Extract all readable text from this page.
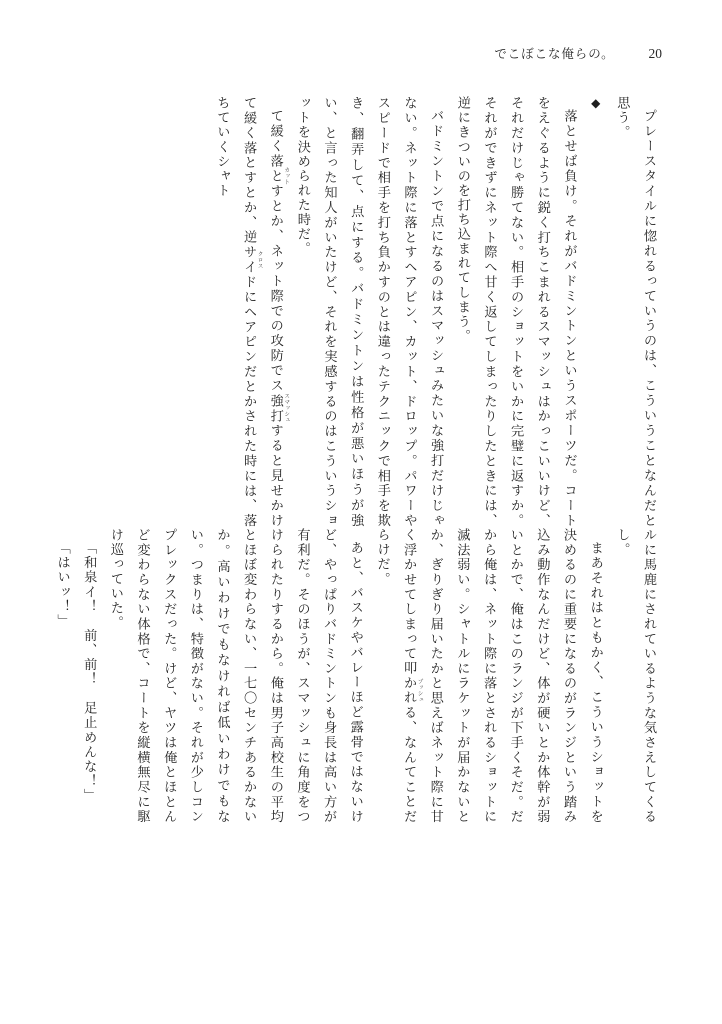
でこぼこな俺らの。	20

プレースタイルに惚れるっていうのは、こういうことなんだと思う。

◆

落とせば負け。それがバドミントンというスポーツだ。コートをえぐるように鋭く打ちこまれるスマッシュはかっこいいけど、それだけじゃ勝てない。相手のショットをいかに完璧に返すか。それができずにネット際へ甘く返してしまったりしたときには、逆にきついのを打ち込まれてしまう。

バドミントンで点になるのはスマッシュみたいな強打だけじゃない。ネット際に落とすヘアピン、カット、ドロップ。パワーやスピードで相手を打ち負かすのとは違ったテクニックで相手を欺き、翻弄して、点にする。バドミントンは性格が悪いほうが強い、と言った知人がいたけど、それを実感するのはこういうショットを決められた時だ。

て緩く落とす カットとか、ネット際での攻防でス強打 スマッシュすると見せかけて緩く落とすとか、逆サイド クロスにヘアピンだとかされた時には、落ちていくシャト

ルに馬鹿にされているような気さえしてくるし。

まあそれはともかく、こういうショットを決めるのに重要になるのがランジという踏み込み動作なんだけど、体が硬いとか体幹が弱いとかで、俺はこのランジが下手くそだ。だから俺は、ネット際に落とされるショットに滅法弱い。シャトルにラケットが届かないとか、ぎりぎり届いたかと思えばネット際に甘く浮かせてしまって叩かれる プッシュ、なんてことだらけだ。

あと、バスケやバレーほど露骨ではないけど、やっぱりバドミントンも身長は高い方が有利だ。そのほうが、スマッシュに角度をつけられたりするから。俺は男子高校生の平均とほぼ変わらない、一七〇センチあるかないか。高いわけでもなければ低いわけでもない。つまりは、特徴がない。それが少しコンプレックスだった。けど、ヤツは俺とほとんど変わらない体格で、コートを縦横無尽に駆け巡っていた。

「和泉イ！　前、前！　足止めんな！」

「はいッ！」
